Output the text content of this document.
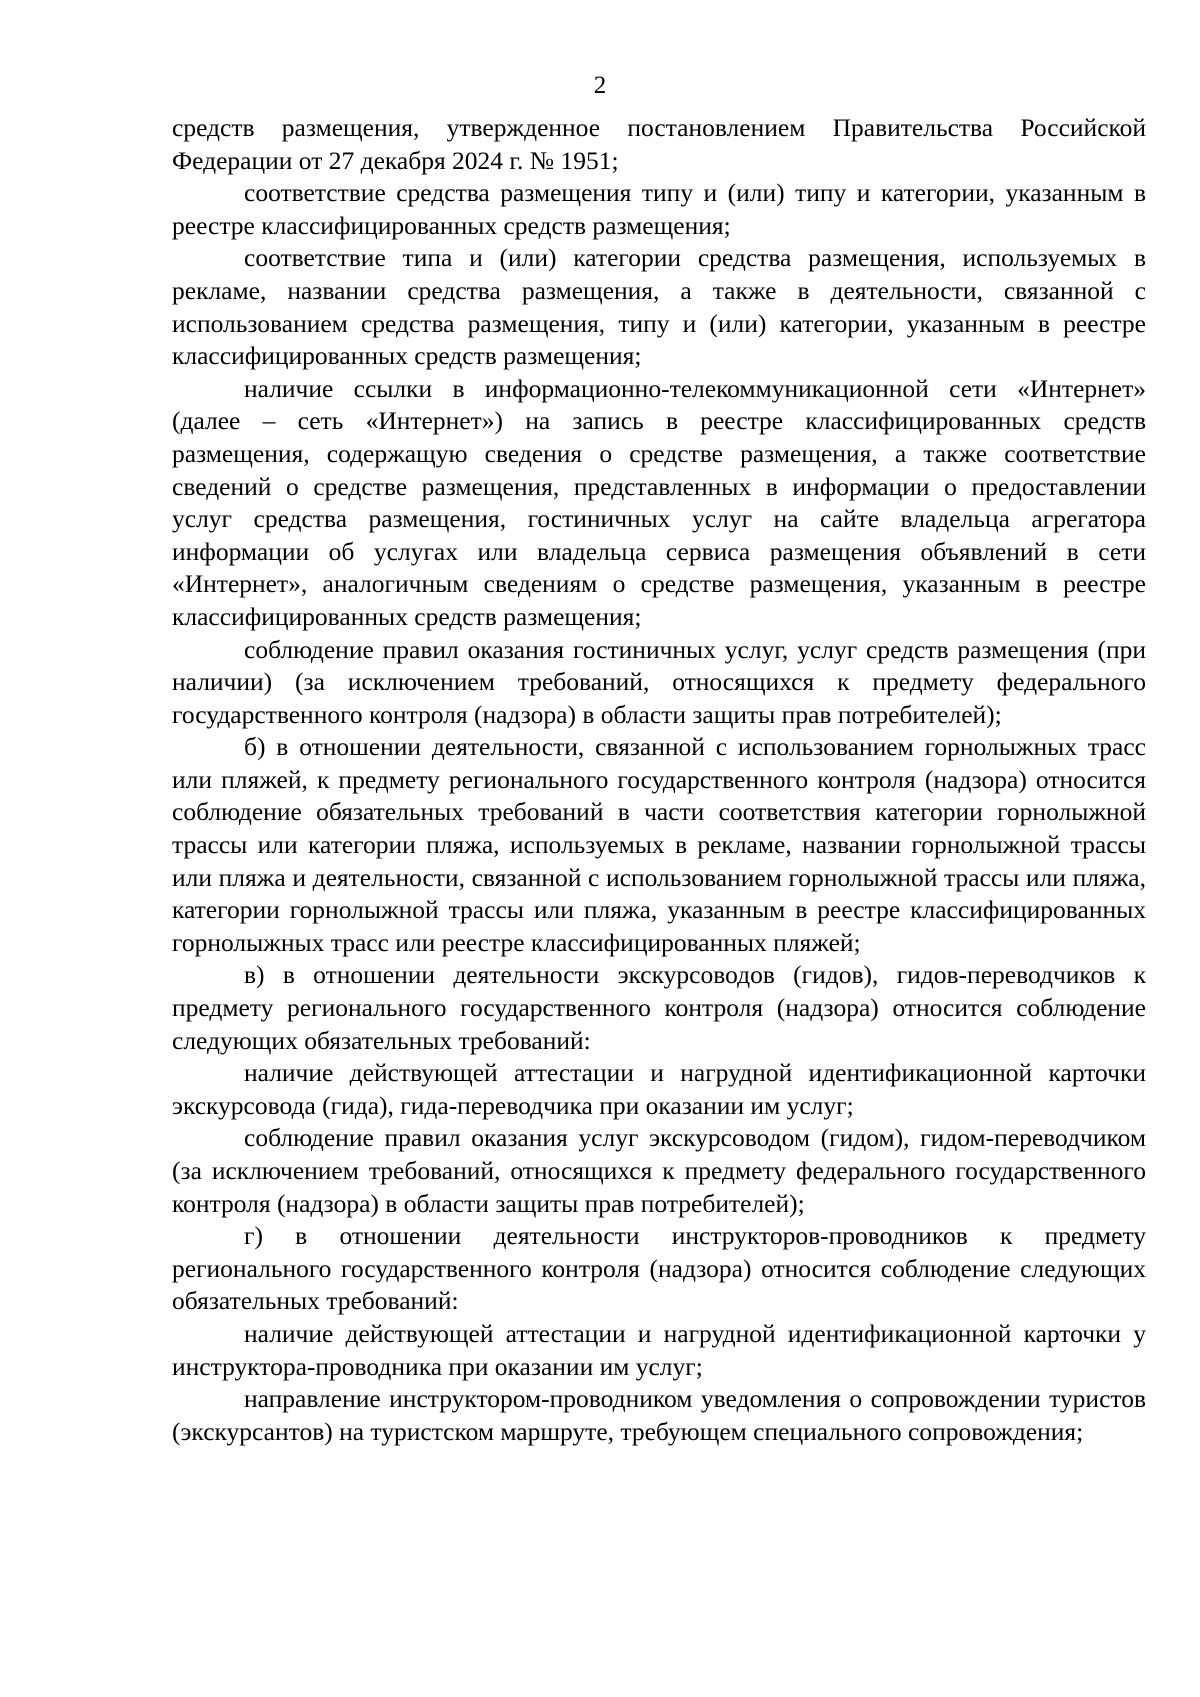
2

средств размещения, утвержденное постановлением Правительства Российской Федерации от 27 декабря 2024 г. № 1951;

соответствие средства размещения типу и (или) типу и категории, указанным в реестре классифицированных средств размещения;

соответствие типа и (или) категории средства размещения, используемых в рекламе, названии средства размещения, а также в деятельности, связанной с использованием средства размещения, типу и (или) категории, указанным в реестре классифицированных средств размещения;

наличие ссылки в информационно-телекоммуникационной сети «Интернет» (далее – сеть «Интернет») на запись в реестре классифицированных средств размещения, содержащую сведения о средстве размещения, а также соответствие сведений о средстве размещения, представленных в информации о предоставлении услуг средства размещения, гостиничных услуг на сайте владельца агрегатора информации об услугах или владельца сервиса размещения объявлений в сети «Интернет», аналогичным сведениям о средстве размещения, указанным в реестре классифицированных средств размещения;

соблюдение правил оказания гостиничных услуг, услуг средств размещения (при наличии) (за исключением требований, относящихся к предмету федерального государственного контроля (надзора) в области защиты прав потребителей);

б) в отношении деятельности, связанной с использованием горнолыжных трасс или пляжей, к предмету регионального государственного контроля (надзора) относится соблюдение обязательных требований в части соответствия категории горнолыжной трассы или категории пляжа, используемых в рекламе, названии горнолыжной трассы или пляжа и деятельности, связанной с использованием горнолыжной трассы или пляжа, категории горнолыжной трассы или пляжа, указанным в реестре классифицированных горнолыжных трасс или реестре классифицированных пляжей;

в) в отношении деятельности экскурсоводов (гидов), гидов-переводчиков к предмету регионального государственного контроля (надзора) относится соблюдение следующих обязательных требований:

наличие действующей аттестации и нагрудной идентификационной карточки экскурсовода (гида), гида-переводчика при оказании им услуг;

соблюдение правил оказания услуг экскурсоводом (гидом), гидом-переводчиком (за исключением требований, относящихся к предмету федерального государственного контроля (надзора) в области защиты прав потребителей);

г) в отношении деятельности инструкторов-проводников к предмету регионального государственного контроля (надзора) относится соблюдение следующих обязательных требований:

наличие действующей аттестации и нагрудной идентификационной карточки у инструктора-проводника при оказании им услуг;

направление инструктором-проводником уведомления о сопровождении туристов (экскурсантов) на туристском маршруте, требующем специального сопровождения;
